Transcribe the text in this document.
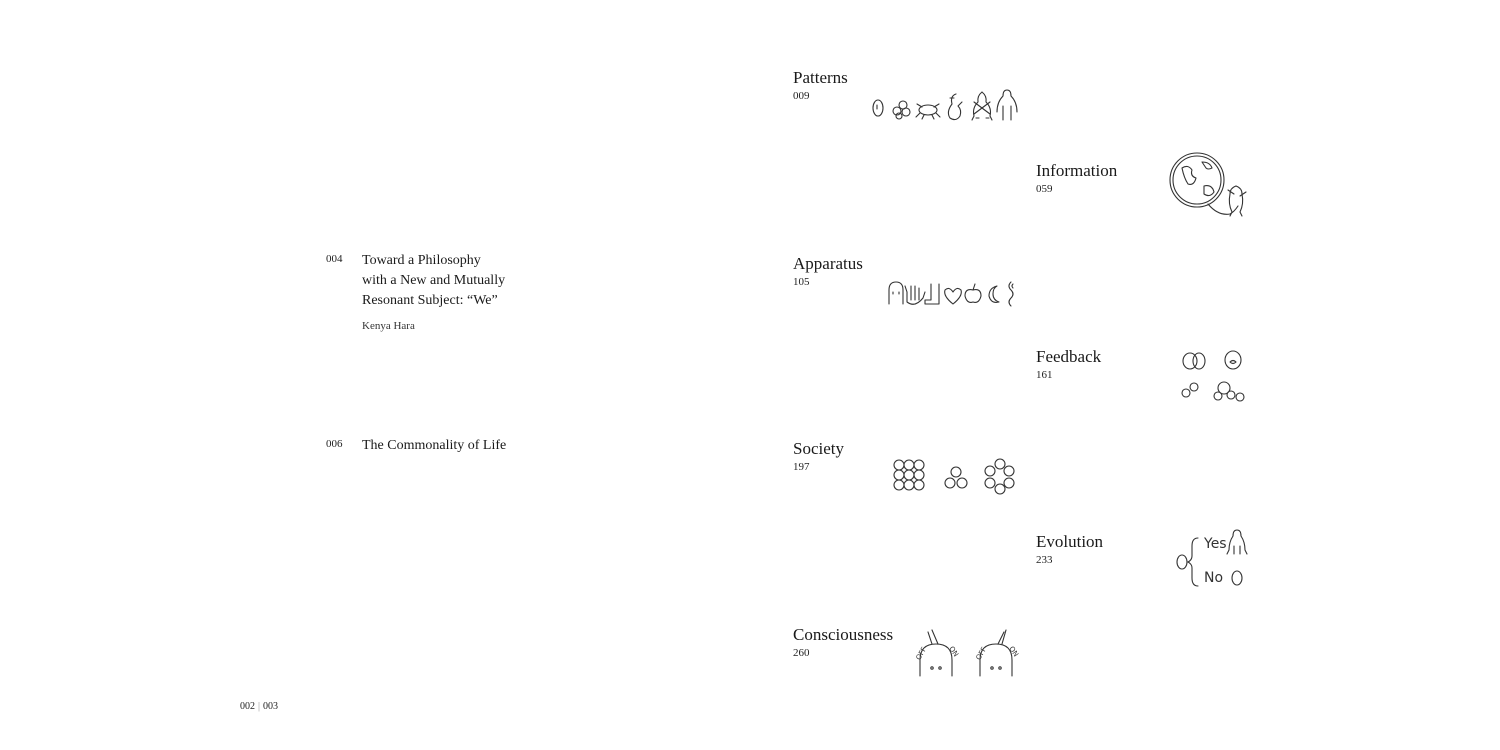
004 Toward a Philosophy
with a New and Mutually
Resonant Subject: “We”
Kenya Hara
006 The Commonality of Life
Patterns
009
Information
059
Apparatus
105
Feedback
161
Society
197
Evolution
233
Yes
No
Consciousness
260	OFF	ON OFF	ON
002 | 003
